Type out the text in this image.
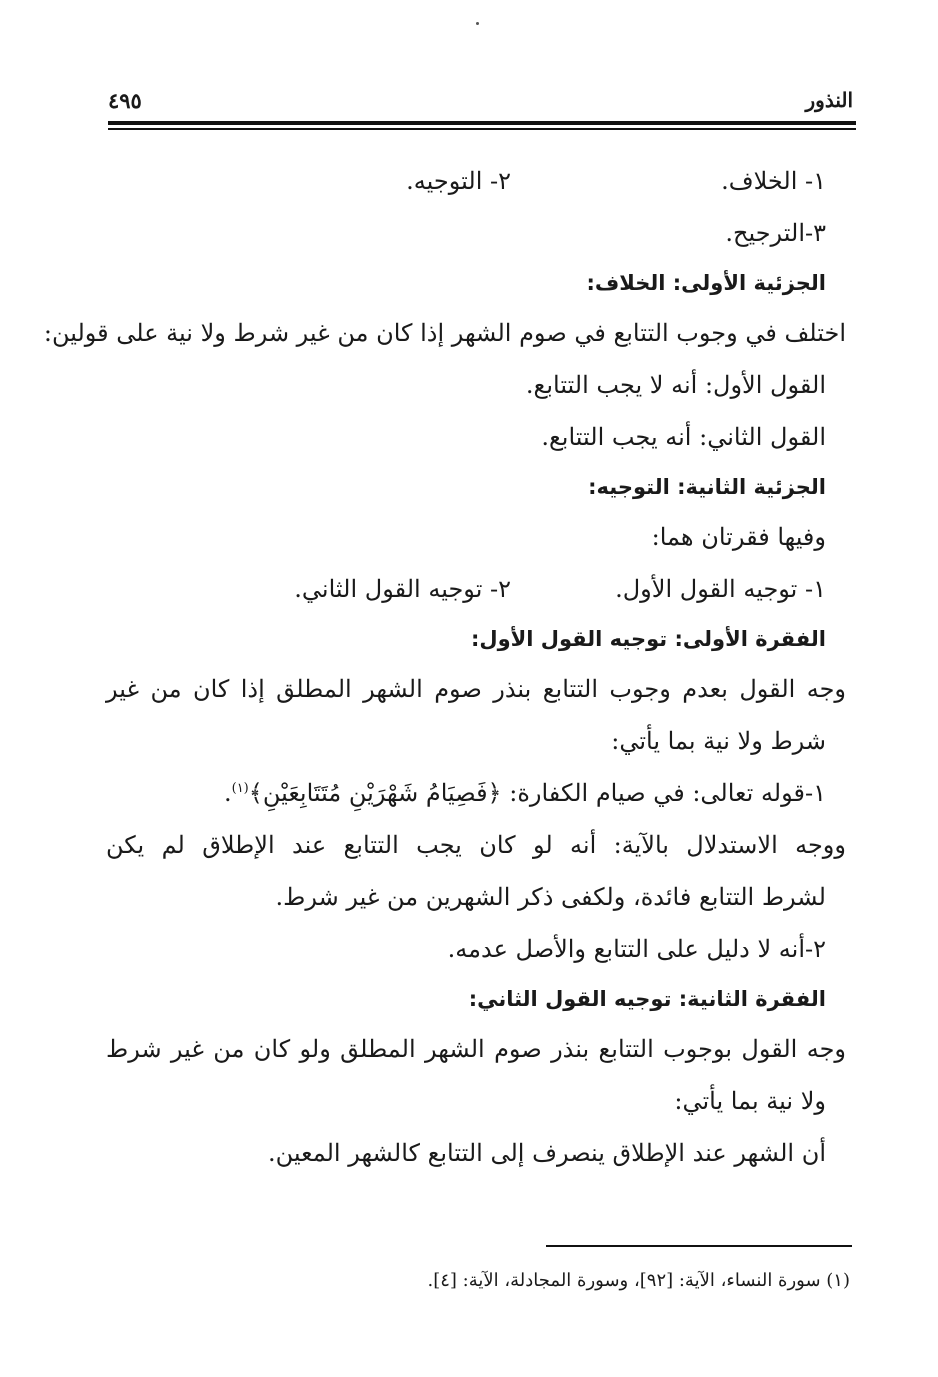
النذور
٤٩٥
١- الخلاف.
٢- التوجيه.
٣-الترجيح.
الجزئية الأولى: الخلاف:
اختلف في وجوب التتابع في صوم الشهر إذا كان من غير شرط ولا نية على قولين:
القول الأول: أنه لا يجب التتابع.
القول الثاني: أنه يجب التتابع.
الجزئية الثانية: التوجيه:
وفيها فقرتان هما:
١- توجيه القول الأول.
٢- توجيه القول الثاني.
الفقرة الأولى: توجيه القول الأول:
وجه القول بعدم وجوب التتابع بنذر صوم الشهر المطلق إذا كان من غير
شرط ولا نية بما يأتي:
١-قوله تعالى: في صيام الكفارة: ﴿فَصِيَامُ شَهْرَيْنِ مُتَتَابِعَيْنِ﴾$^{(١)}$.
ووجه الاستدلال بالآية: أنه لو كان يجب التتابع عند الإطلاق لم يكن
لشرط التتابع فائدة، ولكفى ذكر الشهرين من غير شرط.
٢-أنه لا دليل على التتابع والأصل عدمه.
الفقرة الثانية: توجيه القول الثاني:
وجه القول بوجوب التتابع بنذر صوم الشهر المطلق ولو كان من غير شرط
ولا نية بما يأتي:
أن الشهر عند الإطلاق ينصرف إلى التتابع كالشهر المعين.
(١) سورة النساء، الآية: [٩٢]، وسورة المجادلة، الآية: [٤].
